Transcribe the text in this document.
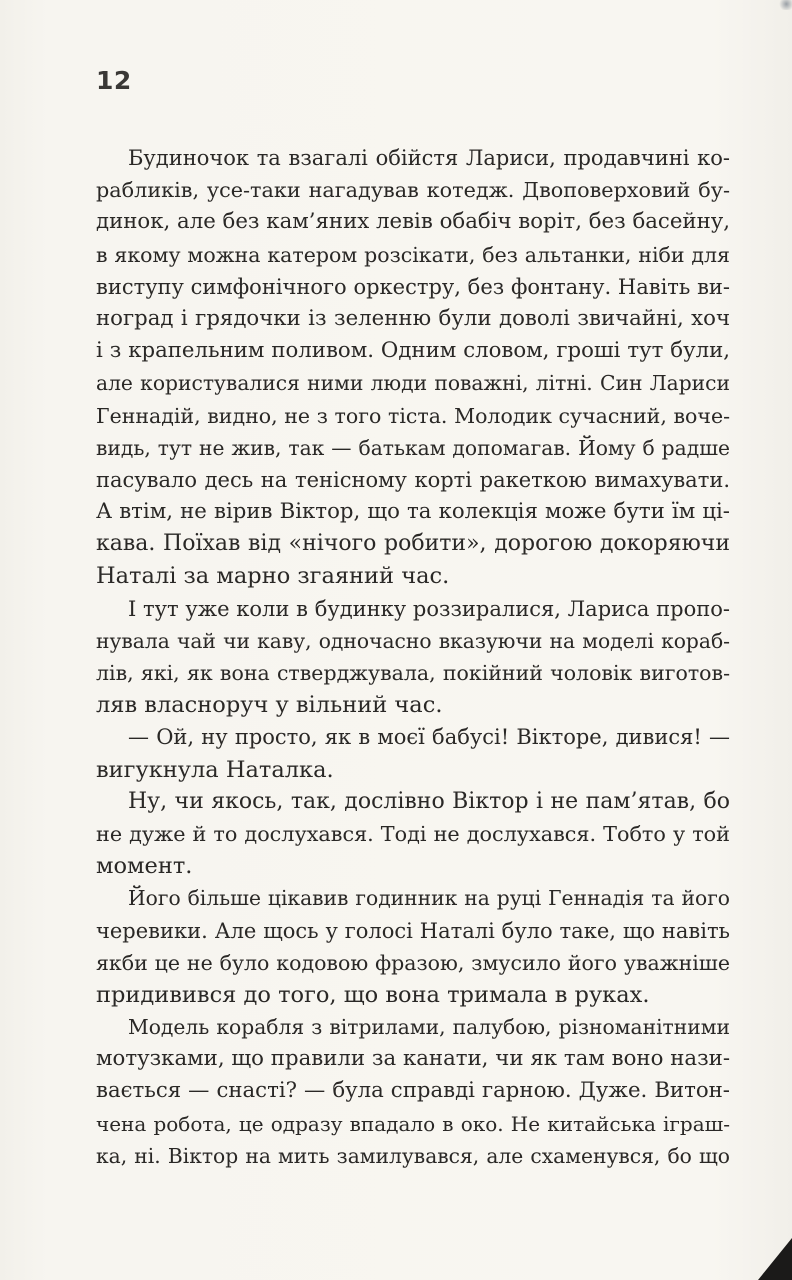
12
Будиночок та взагалі обійстя Лариси, продавчині ко-
рабликів, усе-таки нагадував котедж. Двоповерховий бу-
динок, але без кам’яних левів обабіч воріт, без басейну,
в якому можна катером розсікати, без альтанки, ніби для
виступу симфонічного оркестру, без фонтану. Навіть ви-
ноград і грядочки із зеленню були доволі звичайні, хоч
і з крапельним поливом. Одним словом, гроші тут були,
але користувалися ними люди поважні, літні. Син Лариси
Геннадій, видно, не з того тіста. Молодик сучасний, воче-
видь, тут не жив, так — батькам допомагав. Йому б радше
пасувало десь на тенісному корті ракеткою вимахувати.
А втім, не вірив Віктор, що та колекція може бути їм ці-
кава. Поїхав від «нічого робити», дорогою докоряючи
Наталі за марно згаяний час.
І тут уже коли в будинку роззиралися, Лариса пропо-
нувала чай чи каву, одночасно вказуючи на моделі кораб-
лів, які, як вона стверджувала, покійний чоловік виготов-
ляв власноруч у вільний час.
— Ой, ну просто, як в моєї бабусі! Вікторе, дивися! —
вигукнула Наталка.
Ну, чи якось, так, дослівно Віктор і не пам’ятав, бо
не дуже й то дослухався. Тоді не дослухався. Тобто у той
момент.
Його більше цікавив годинник на руці Геннадія та його
черевики. Але щось у голосі Наталі було таке, що навіть
якби це не було кодовою фразою, змусило його уважніше
придивився до того, що вона тримала в руках.
Модель корабля з вітрилами, палубою, різноманітними
мотузками, що правили за канати, чи як там воно нази-
вається — снасті? — була справді гарною. Дуже. Витон-
чена робота, це одразу впадало в око. Не китайська іграш-
ка, ні. Віктор на мить замилувався, але схаменувся, бо що
